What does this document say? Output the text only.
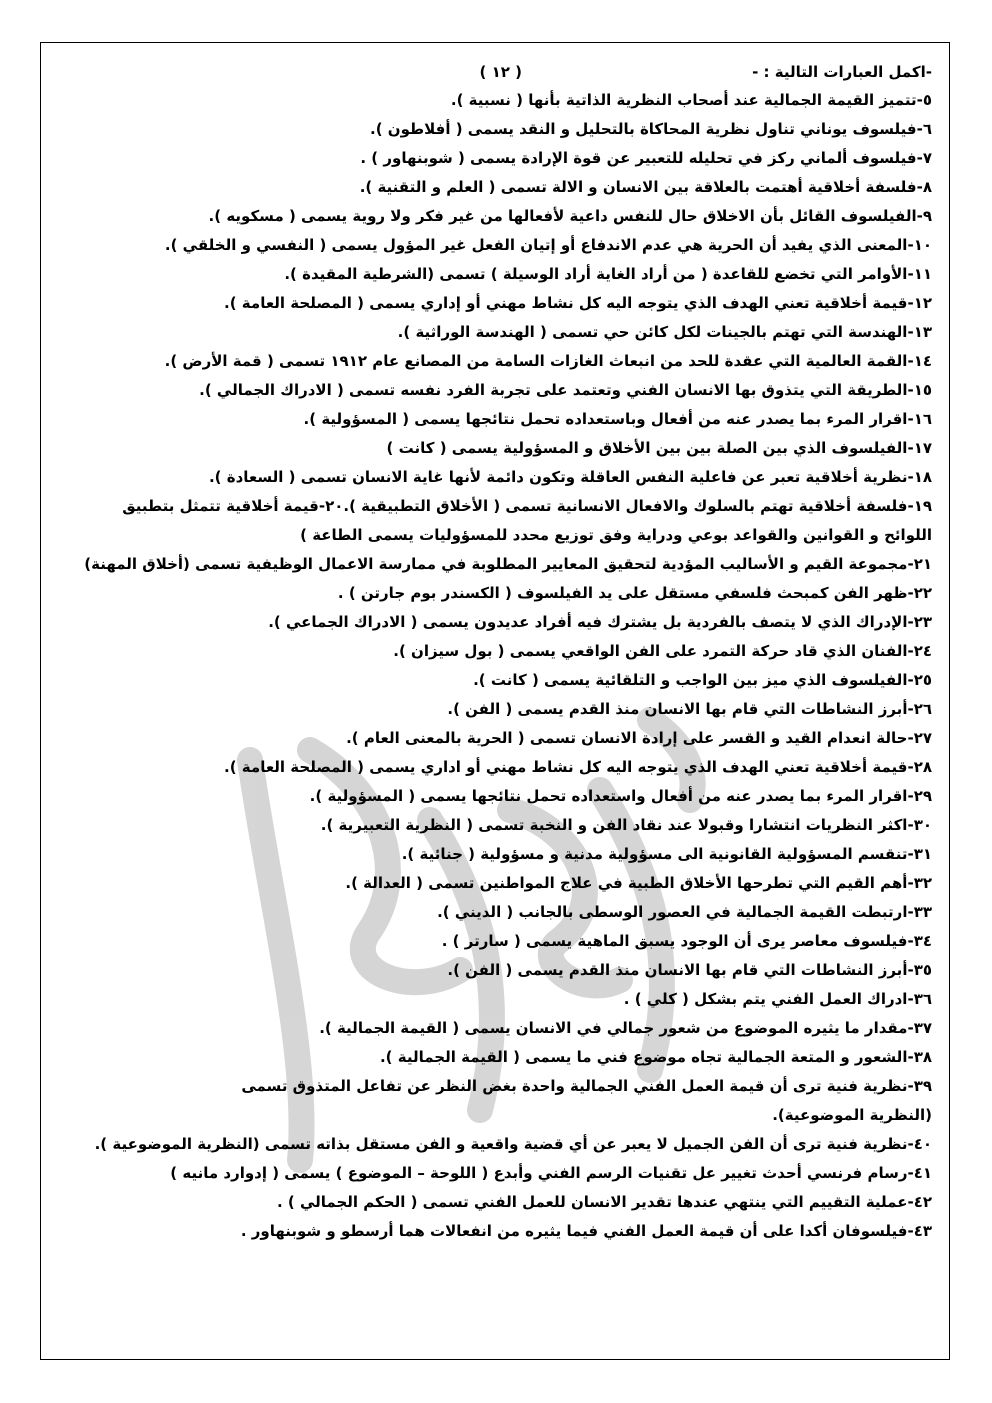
-اكمل العبارات التالية : -
( ١٢ )
٥-تتميز القيمة الجمالية عند أصحاب النظرية الذاتية بأنها ( نسبية ).
٦-فيلسوف يوناني تناول نظرية المحاكاة بالتحليل و النقد يسمى ( أفلاطون ).
٧-فيلسوف ألماني ركز في تحليله للتعبير عن قوة الإرادة يسمى ( شوبنهاور ) .
٨-فلسفة أخلاقية أهتمت بالعلاقة بين الانسان و الالة تسمى ( العلم و التقنية ).
٩-الفيلسوف القائل بأن الاخلاق حال للنفس داعية لأفعالها من غير فكر ولا روية يسمى ( مسكويه ).
١٠-المعنى الذي يفيد أن الحرية هي عدم الاندفاع أو إتيان الفعل غير المؤول يسمى ( النفسي و الخلقي ).
١١-الأوامر التي تخضع للقاعدة ( من أراد الغاية أراد الوسيلة ) تسمى (الشرطية المقيدة ).
١٢-قيمة أخلاقية تعني الهدف الذي يتوجه اليه كل نشاط مهني أو إداري يسمى ( المصلحة العامة ).
١٣-الهندسة التي تهتم بالجينات لكل كائن حي تسمى ( الهندسة الوراثية ).
١٤-القمة العالمية التي عقدة للحد من انبعاث الغازات السامة من المصانع عام ١٩١٢ تسمى ( قمة الأرض ).
١٥-الطريقة التي يتذوق بها الانسان الفني وتعتمد على تجربة الفرد نفسه تسمى ( الادراك الجمالي ).
١٦-اقرار المرء بما يصدر عنه من أفعال وباستعداده تحمل نتائجها يسمى ( المسؤولية ).
١٧-الفيلسوف الذي بين الصلة بين بين الأخلاق و المسؤولية يسمى ( كانت )
١٨-نظرية أخلاقية تعبر عن فاعلية النفس العاقلة وتكون دائمة لأنها غاية الانسان تسمى ( السعادة ).
١٩-فلسفة أخلاقية تهتم بالسلوك والافعال الانسانية تسمى ( الأخلاق التطبيقية ).٢٠-قيمة أخلاقية تتمثل بتطبيق
اللوائح و القوانين والقواعد بوعي ودراية وفق توزيع محدد للمسؤوليات يسمى الطاعة )
٢١-مجموعة القيم و الأساليب المؤدية لتحقيق المعايير المطلوبة في ممارسة الاعمال الوظيفية تسمى (أخلاق المهنة)
٢٢-ظهر الفن كمبحث فلسفي مستقل على يد الفيلسوف ( الكسندر بوم جارتن ) .
٢٣-الإدراك الذي لا يتصف بالفردية بل يشترك فيه أفراد عديدون يسمى ( الادراك الجماعي ).
٢٤-الفنان الذي قاد حركة التمرد على الفن الواقعي يسمى ( بول سيزان ).
٢٥-الفيلسوف الذي ميز بين الواجب و التلقائية يسمى ( كانت ).
٢٦-أبرز النشاطات التي قام بها الانسان منذ القدم يسمى ( الفن ).
٢٧-حالة انعدام القيد و القسر على إرادة الانسان تسمى ( الحرية بالمعنى العام ).
٢٨-قيمة أخلاقية تعني الهدف الذي يتوجه اليه كل نشاط مهني أو اداري يسمى ( المصلحة العامة ).
٢٩-اقرار المرء بما يصدر عنه من أفعال واستعداده تحمل نتائجها يسمى ( المسؤولية ).
٣٠-اكثر النظريات انتشارا وقبولا عند نقاد الفن و النخبة تسمى ( النظرية التعبيرية ).
٣١-تنقسم المسؤولية القانونية الى مسؤولية مدنية و مسؤولية ( جنائية ).
٣٢-أهم القيم التي تطرحها الأخلاق الطبية في علاج المواطنين تسمى ( العدالة ).
٣٣-ارتبطت القيمة الجمالية في العصور الوسطى بالجانب ( الديني ).
٣٤-فيلسوف معاصر يرى أن الوجود يسبق الماهية يسمى ( سارتر ) .
٣٥-أبرز النشاطات التي قام بها الانسان منذ القدم يسمى ( الفن ).
٣٦-ادراك العمل الفني يتم بشكل ( كلي ) .
٣٧-مقدار ما يثيره الموضوع من شعور جمالي في الانسان يسمى ( القيمة الجمالية ).
٣٨-الشعور و المتعة الجمالية تجاه موضوع فني ما يسمى ( القيمة الجمالية ).
٣٩-نظرية فنية ترى أن قيمة العمل الفني الجمالية واحدة بغض النظر عن تفاعل المتذوق تسمى
(النظرية الموضوعية).
٤٠-نظرية فنية ترى أن الفن الجميل لا يعبر عن أي قضية واقعية و الفن مستقل بذاته تسمى (النظرية الموضوعية ).
٤١-رسام فرنسي أحدث تغيير عل تقنيات الرسم الفني وأبدع ( اللوحة – الموضوع ) يسمى ( إدوارد مانيه )
٤٢-عملية التقييم التي ينتهي عندها تقدير الانسان للعمل الفني تسمى ( الحكم الجمالي ) .
٤٣-فيلسوفان أكدا على أن قيمة العمل الفني فيما يثيره من انفعالات هما أرسطو و شوبنهاور .
